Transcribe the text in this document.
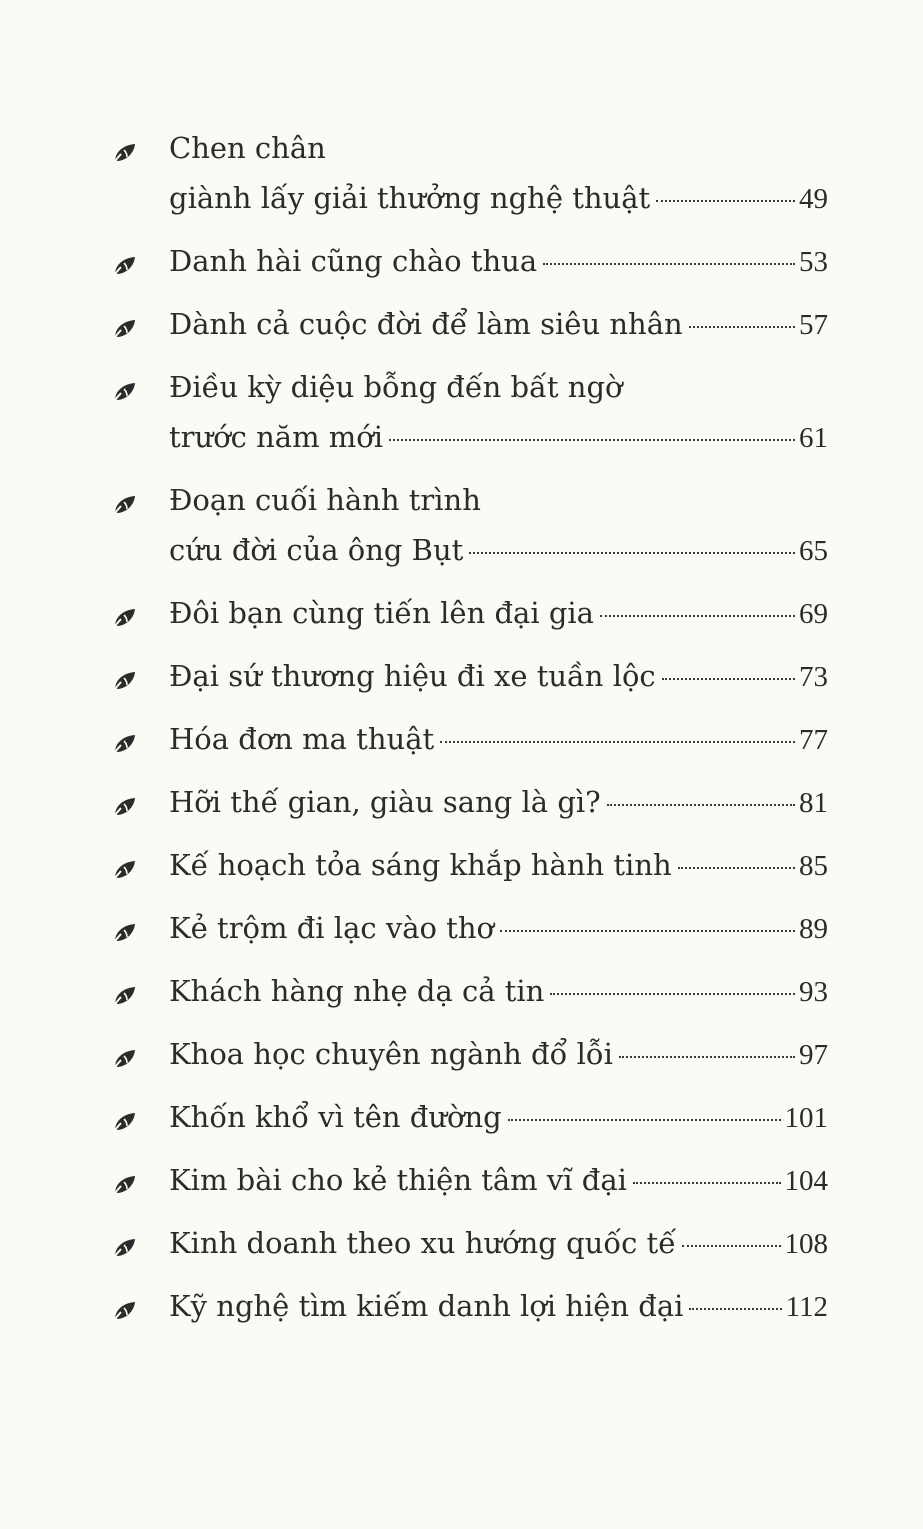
Chen chân
giành lấy giải thưởng nghệ thuật	49
Danh hài cũng chào thua	53
Dành cả cuộc đời để làm siêu nhân	57
Điều kỳ diệu bỗng đến bất ngờ
trước năm mới	61
Đoạn cuối hành trình
cứu đời của ông Bụt	65
Đôi bạn cùng tiến lên đại gia	69
Đại sứ thương hiệu đi xe tuần lộc	73
Hóa đơn ma thuật	77
Hỡi thế gian, giàu sang là gì?	81
Kế hoạch tỏa sáng khắp hành tinh	85
Kẻ trộm đi lạc vào thơ	89
Khách hàng nhẹ dạ cả tin	93
Khoa học chuyên ngành đổ lỗi	97
Khốn khổ vì tên đường	101
Kim bài cho kẻ thiện tâm vĩ đại	104
Kinh doanh theo xu hướng quốc tế	108
Kỹ nghệ tìm kiếm danh lợi hiện đại	112
